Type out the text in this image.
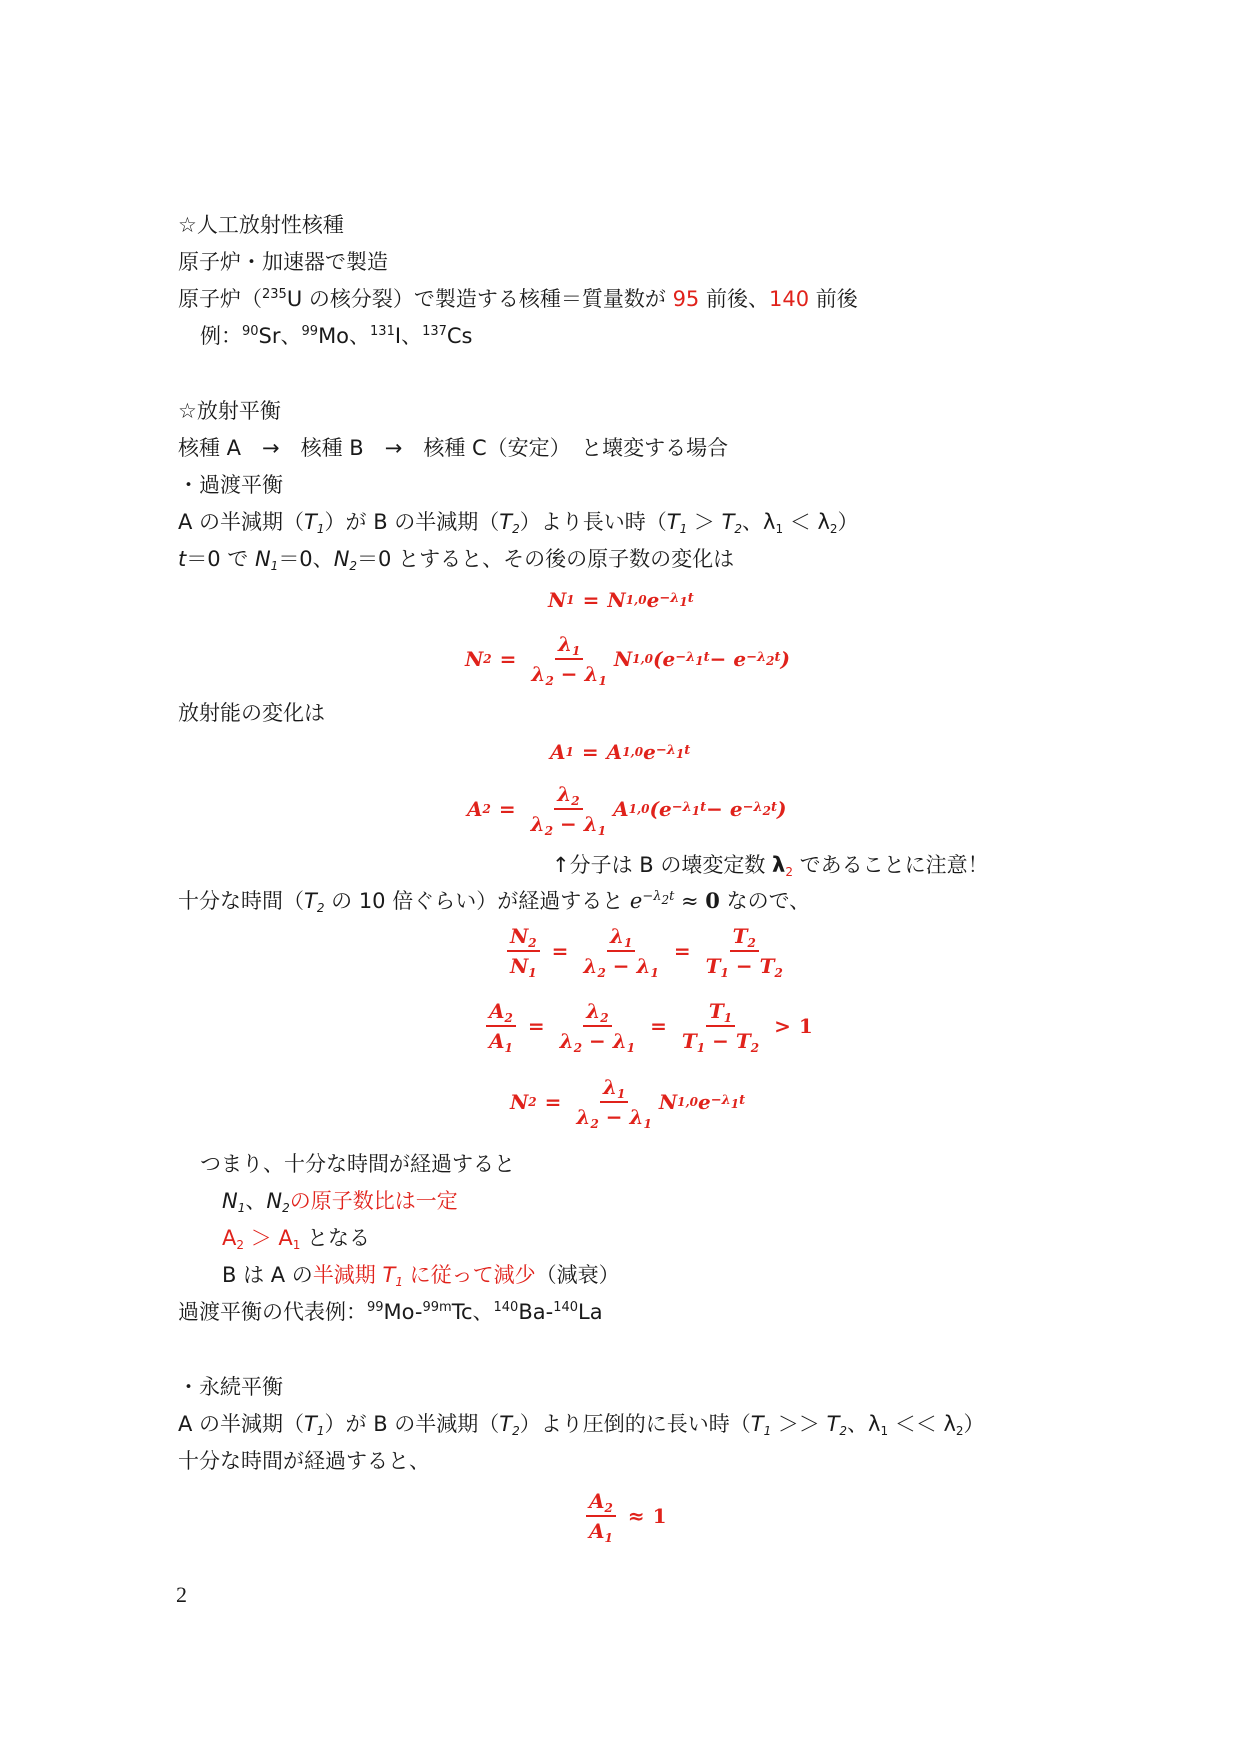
☆人工放射性核種
原子炉・加速器で製造
原子炉（$^{235}$U の核分裂）で製造する核種＝質量数が 95 前後、140 前後
例：$^{90}$Sr、$^{99}$Mo、$^{131}$I、$^{137}$Cs
☆放射平衡
核種 A　→　核種 B　→　核種 C（安定）　と壊変する場合
・過渡平衡
A の半減期$(T_1)$が B の半減期$(T_2)$より長い時（$T_1 > T_2$、$\lambda_1 < \lambda_2$）
t＝0 で $N_1=0$、$N_2=0$ とすると、その後の原子数の変化は
N 1 = N 1,0 $e -\lambda_1t$
N $2 = \frac{\lambda_1}{\lambda_2 - \lambda_1}$ N 1,0 ($e -\lambda_1t - e -\lambda_2t$ )
放射能の変化は
A 1 = A 1,0 $e -\lambda_1t$
A $2 = \frac{\lambda_2}{\lambda_2 - \lambda_1}$ A 1,0 ($e -\lambda_1t - e -\lambda_2t$ )
↑分子は B の壊変定数 $\lambda_2$ であることに注意！
十分な時間（$T_2$ の 10 倍ぐらい）が経過すると $e^{-\lambda_2t} \approx 0$ なので、
$\frac{N_2}{N_1} = \frac{\lambda_1}{\lambda_2 - \lambda_1} = \frac{T_2}{T_1 - T_2}$
$\frac{A_2}{A_1} = \frac{\lambda_2}{\lambda_2 - \lambda_1} = \frac{T_1}{T_1 - T_2} > 1$
N $2 = \frac{\lambda_1}{\lambda_2 - \lambda_1}$ N 1,0 $e -\lambda_1t$
つまり、十分な時間が経過すると
$N_1$、$N_2$の原子数比は一定
$A_2 > A_1$ となる
B は A の半減期 $T_1$ に従って減少（減衰）
過渡平衡の代表例：$^{99}$Mo-$^{99m}$Tc、$^{140}$Ba-$^{140}$La
・永続平衡
A の半減期$(T_1)$が B の半減期$(T_2)$より圧倒的に長い時（$T_1 >> T_2$、$\lambda_1 << \lambda_2$）
十分な時間が経過すると、
$\frac{A_2}{A_1} \approx 1$
2
